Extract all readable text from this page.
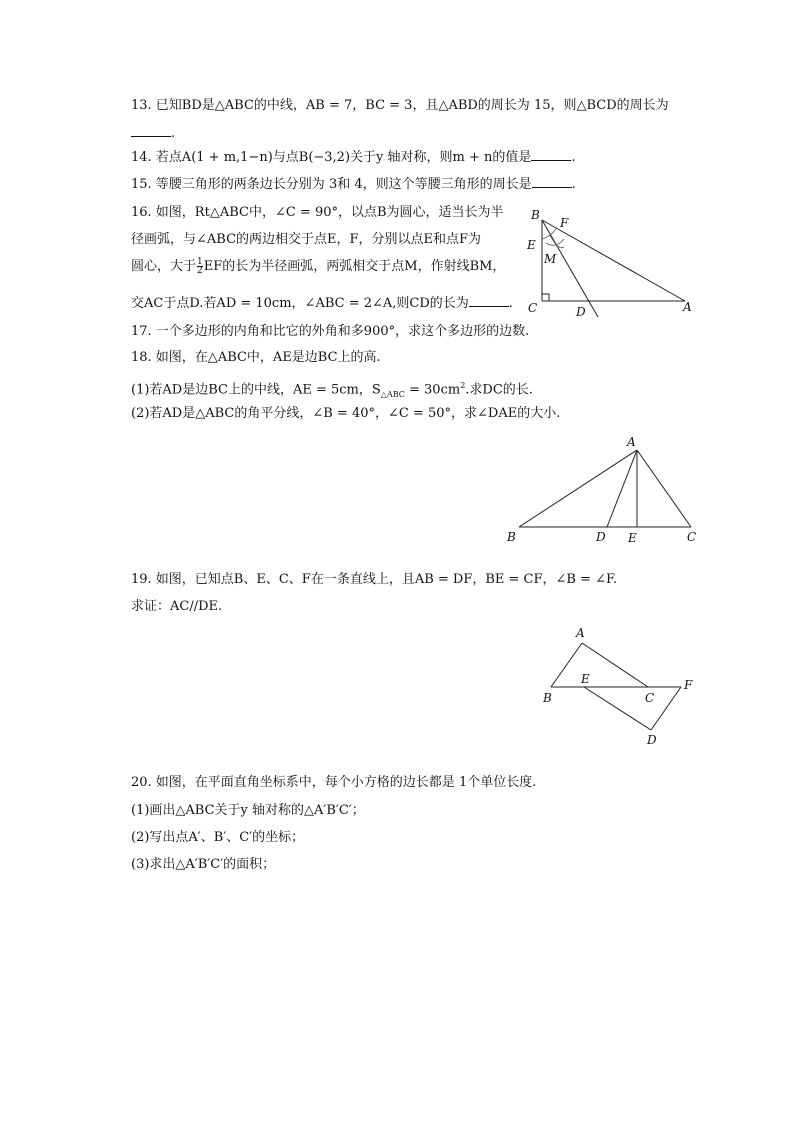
13. 已知BD是△ABC的中线，AB = 7，BC = 3，且△ABD的周长为 15，则△BCD的周长为
.
14. 若点A(1 + m,1−n)与点B(−3,2)关于y 轴对称，则m + n的值是	.
15. 等腰三角形的两条边长分别为 3和 4，则这个等腰三角形的周长是	.
16. 如图，Rt△ABC中，∠C = 90°，以点B为圆心，适当长为半
径画弧，与∠ABC的两边相交于点E，F，分别以点E和点F为
圆心，大于 $\frac{1}{2}$ EF的长为半径画弧，两弧相交于点M，作射线BM，
交AC于点D.若AD = 10cm，∠ABC = 2∠A,则CD的长为	.
B
F
E
M
C	D	A
17. 一个多边形的内角和比它的外角和多900°，求这个多边形的边数.
18. 如图，在△ABC中，AE是边BC上的高.
(1)若AD是边BC上的中线，AE = 5cm，$S_{\triangle ABC} = 30cm^2$.求DC的长.
(2)若AD是△ABC的角平分线，∠B = 40°，∠C = 50°，求∠DAE的大小.
A
B	D E	C
19. 如图，已知点B、E、C、F在一条直线上，且AB = DF，BE = CF，∠B = ∠F.
求证：AC//DE.
A
E	F
B	C
D
20. 如图，在平面直角坐标系中，每个小方格的边长都是 1个单位长度.
(1)画出△ABC关于y 轴对称的△A′B′C′；
(2)写出点A′、B′、C′的坐标；
(3)求出△A′B′C′的面积；
